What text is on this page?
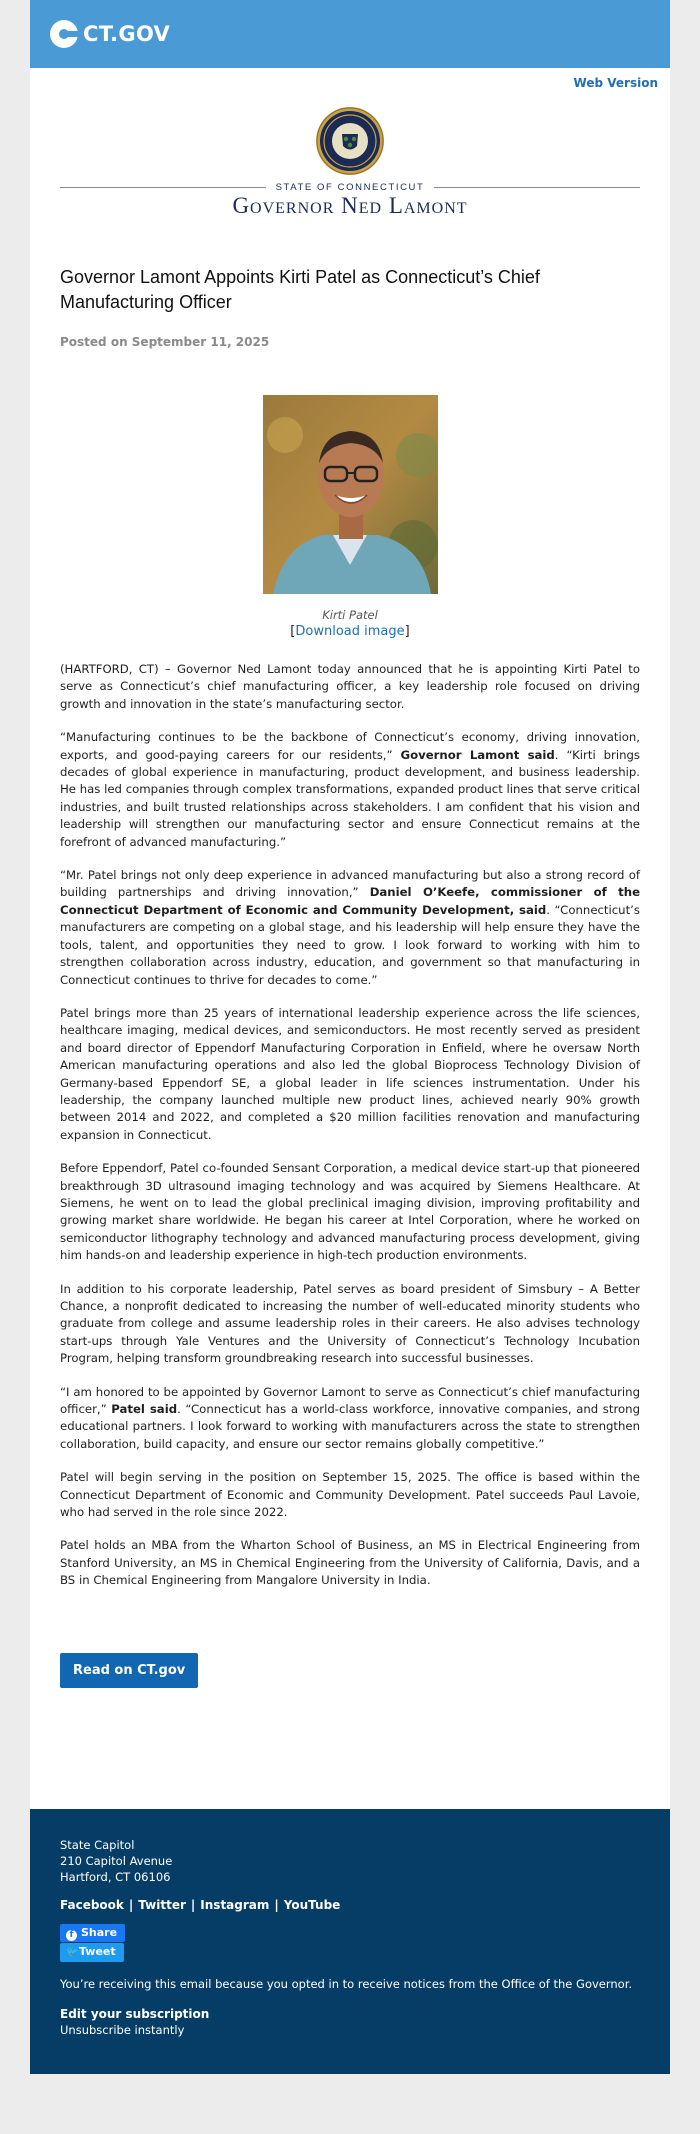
CT.GOV
Web Version
STATE OF CONNECTICUT
Governor Ned Lamont
Governor Lamont Appoints Kirti Patel as Connecticut’s Chief Manufacturing Officer
Posted on September 11, 2025
Kirti Patel
[Download image]

(HARTFORD, CT) – Governor Ned Lamont today announced that he is appointing Kirti Patel to serve as Connecticut’s chief manufacturing officer, a key leadership role focused on driving growth and innovation in the state’s manufacturing sector.

“Manufacturing continues to be the backbone of Connecticut’s economy, driving innovation, exports, and good-paying careers for our residents,” Governor Lamont said. “Kirti brings decades of global experience in manufacturing, product development, and business leadership. He has led companies through complex transformations, expanded product lines that serve critical industries, and built trusted relationships across stakeholders. I am confident that his vision and leadership will strengthen our manufacturing sector and ensure Connecticut remains at the forefront of advanced manufacturing.”

“Mr. Patel brings not only deep experience in advanced manufacturing but also a strong record of building partnerships and driving innovation,” Daniel O’Keefe, commissioner of the Connecticut Department of Economic and Community Development, said. “Connecticut’s manufacturers are competing on a global stage, and his leadership will help ensure they have the tools, talent, and opportunities they need to grow. I look forward to working with him to strengthen collaboration across industry, education, and government so that manufacturing in Connecticut continues to thrive for decades to come.”

Patel brings more than 25 years of international leadership experience across the life sciences, healthcare imaging, medical devices, and semiconductors. He most recently served as president and board director of Eppendorf Manufacturing Corporation in Enfield, where he oversaw North American manufacturing operations and also led the global Bioprocess Technology Division of Germany-based Eppendorf SE, a global leader in life sciences instrumentation. Under his leadership, the company launched multiple new product lines, achieved nearly 90% growth between 2014 and 2022, and completed a $20 million facilities renovation and manufacturing expansion in Connecticut.

Before Eppendorf, Patel co-founded Sensant Corporation, a medical device start-up that pioneered breakthrough 3D ultrasound imaging technology and was acquired by Siemens Healthcare. At Siemens, he went on to lead the global preclinical imaging division, improving profitability and growing market share worldwide. He began his career at Intel Corporation, where he worked on semiconductor lithography technology and advanced manufacturing process development, giving him hands-on and leadership experience in high-tech production environments.

In addition to his corporate leadership, Patel serves as board president of Simsbury – A Better Chance, a nonprofit dedicated to increasing the number of well-educated minority students who graduate from college and assume leadership roles in their careers. He also advises technology start-ups through Yale Ventures and the University of Connecticut’s Technology Incubation Program, helping transform groundbreaking research into successful businesses.

“I am honored to be appointed by Governor Lamont to serve as Connecticut’s chief manufacturing officer,” Patel said. “Connecticut has a world-class workforce, innovative companies, and strong educational partners. I look forward to working with manufacturers across the state to strengthen collaboration, build capacity, and ensure our sector remains globally competitive.”

Patel will begin serving in the position on September 15, 2025. The office is based within the Connecticut Department of Economic and Community Development. Patel succeeds Paul Lavoie, who had served in the role since 2022.

Patel holds an MBA from the Wharton School of Business, an MS in Electrical Engineering from Stanford University, an MS in Chemical Engineering from the University of California, Davis, and a BS in Chemical Engineering from Mangalore University in India.

Read on CT.gov
State Capitol
210 Capitol Avenue
Hartford, CT 06106
Facebook | Twitter | Instagram | YouTube
f Share
🐦Tweet
You’re receiving this email because you opted in to receive notices from the Office of the Governor.
Edit your subscription
Unsubscribe instantly
